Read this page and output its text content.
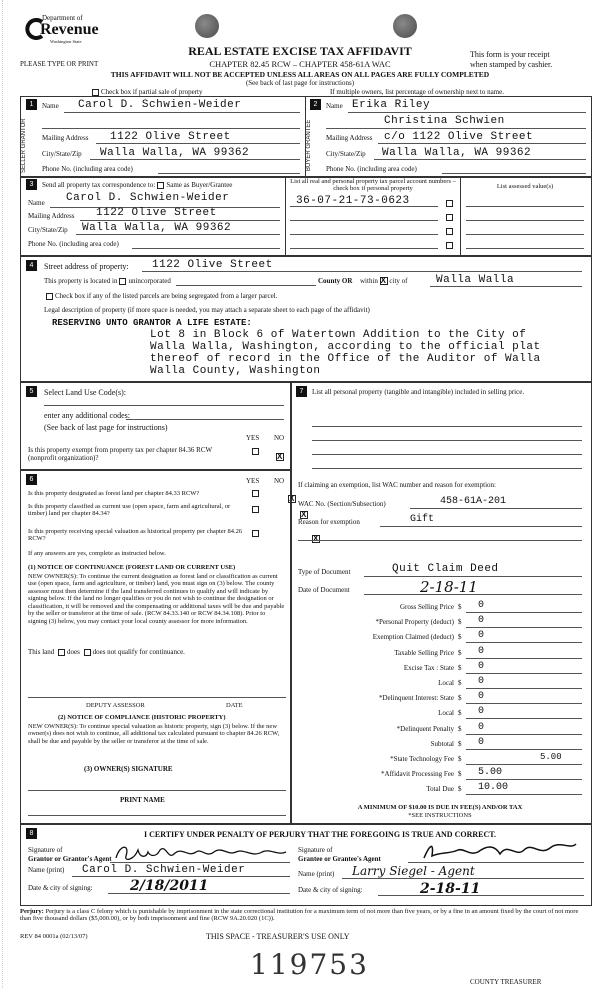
Department of
Revenue
Washington State
PLEASE TYPE OR PRINT
REAL ESTATE EXCISE TAX AFFIDAVIT
CHAPTER 82.45 RCW – CHAPTER 458-61A WAC
This form is your receipt
when stamped by cashier.
THIS AFFIDAVIT WILL NOT BE ACCEPTED UNLESS ALL AREAS ON ALL PAGES ARE FULLY COMPLETED
(See back of last page for instructions)
Check box if partial sale of property	If multiple owners, list percentage of ownership next to name.
1
SELLER GRANTOR
Name Carol D. Schwien-Weider
Mailing Address 1122 Olive Street
City/State/Zip Walla Walla, WA 99362
Phone No. (including area code)
2
BUYER GRANTEE
Name Erika Riley
Christina Schwien
Mailing Address c/o 1122 Olive Street
City/State/Zip Walla Walla, WA 99362
Phone No. (including area code)
3	Send all property tax correspondence to: Same as Buyer/Grantee
Name Carol D. Schwien-Weider
Mailing Address 1122 Olive Street
City/State/Zip Walla Walla, WA 99362
Phone No. (including area code)
List all real and personal property tax parcel account numbers – check box if personal property	List assessed value(s)
36-07-21-73-0623
4	Street address of property: 1122 Olive Street
This property is located in unincorporated	County OR within X city of	Walla Walla
Check box if any of the listed parcels are being segregated from a larger parcel.
Legal description of property (if more space is needed, you may attach a separate sheet to each page of the affidavit)
RESERVING UNTO GRANTOR A LIFE ESTATE:
Lot 8 in Block 6 of Watertown Addition to the City of
Walla Walla, Washington, according to the official plat
thereof of record in the Office of the Auditor of Walla
Walla County, Washington
5	Select Land Use Code(s):
enter any additional codes:
(See back of last page for instructions)
YES NO
Is this property exempt from property tax per chapter 84.36 RCW (nonprofit organization)?
X
6	YES NO
Is this property designated as forest land per chapter 84.33 RCW?
X
Is this property classified as current use (open space, farm and agricultural, or timber) land per chapter 84.34?
X
Is this property receiving special valuation as historical property per chapter 84.26 RCW?
X
If any answers are yes, complete as instructed below.
(1) NOTICE OF CONTINUANCE (FOREST LAND OR CURRENT USE)
NEW OWNER(S): To continue the current designation as forest land or classification as current use (open space, farm and agriculture, or timber) land, you must sign on (3) below. The county assessor must then determine if the land transferred continues to qualify and will indicate by signing below. If the land no longer qualifies or you do not wish to continue the designation or classification, it will be removed and the compensating or additional taxes will be due and payable by the seller or transferor at the time of sale. (RCW 84.33.140 or RCW 84.34.108). Prior to signing (3) below, you may contact your local county assessor for more information.
This land does does not qualify for continuance.
DEPUTY ASSESSOR	DATE
(2) NOTICE OF COMPLIANCE (HISTORIC PROPERTY)
NEW OWNER(S): To continue special valuation as historic property, sign (3) below. If the new owner(s) does not wish to continue, all additional tax calculated pursuant to chapter 84.26 RCW, shall be due and payable by the seller or transferor at the time of sale.
(3) OWNER(S) SIGNATURE
PRINT NAME
7	List all personal property (tangible and intangible) included in selling price.
If claiming an exemption, list WAC number and reason for exemption:
WAC No. (Section/Subsection)	458-61A-201
Reason for exemption	Gift
Type of Document	Quit Claim Deed
Date of Document	2-18-11
Gross Selling Price $ 0
*Personal Property (deduct) $ 0
Exemption Claimed (deduct) $ 0
Taxable Selling Price $ 0
Excise Tax : State $ 0
Local $ 0
*Delinquent Interest: State $ 0
Local $ 0
*Delinquent Penalty $ 0
Subtotal $ 0
*State Technology Fee $	5.00
*Affidavit Processing Fee $ 5.00
Total Due $ 10.00
A MINIMUM OF $10.00 IS DUE IN FEE(S) AND/OR TAX
*SEE INSTRUCTIONS
8	I CERTIFY UNDER PENALTY OF PERJURY THAT THE FOREGOING IS TRUE AND CORRECT.
Signature of
Grantor or Grantor's Agent
Name (print) Carol D. Schwien-Weider
Date & city of signing:	2/18/2011
Signature of
Grantee or Grantee's Agent
Name (print) Larry Siegel - Agent
Date & city of signing:	2-18-11
Perjury: Perjury is a class C felony which is punishable by imprisonment in the state correctional institution for a maximum term of not more than five years, or by a fine in an amount fixed by the court of not more than five thousand dollars ($5,000.00), or by both imprisonment and fine (RCW 9A.20.020 (1C)).
REV 84 0001a (02/13/07)	THIS SPACE - TREASURER'S USE ONLY
119753
COUNTY TREASURER
